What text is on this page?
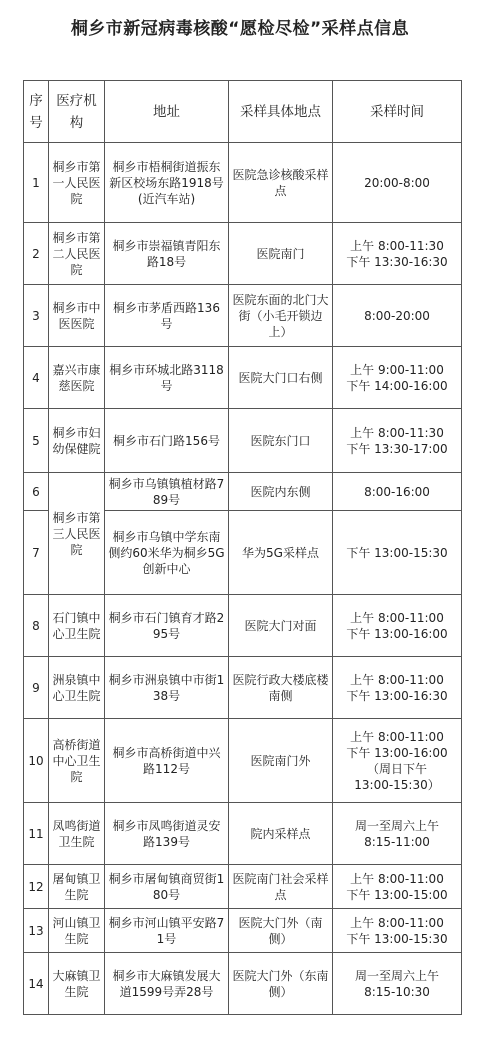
桐乡市新冠病毒核酸“愿检尽检”采样点信息
序号	医疗机构	地址	采样具体地点	采样时间
1	桐乡市第一人民医院	桐乡市梧桐街道振东新区校场东路1918号(近汽车站)	医院急诊核酸采样点	20:00-8:00

2	桐乡市第二人民医院	桐乡市崇福镇青阳东路18号	医院南门	上午 8:00-11:30
下午 13:30-16:30

3	桐乡市中医医院	桐乡市茅盾西路136号	医院东面的北门大街（小毛开锁边上）	8:00-20:00

4	嘉兴市康慈医院	桐乡市环城北路3118号	医院大门口右侧	上午 9:00-11:00
下午 14:00-16:00

5	桐乡市妇幼保健院	桐乡市石门路156号	医院东门口	上午 8:00-11:30
下午 13:30-17:00

6	桐乡市第三人民医院	桐乡市乌镇镇植材路789号	医院内东侧	8:00-16:00

7		桐乡市乌镇中学东南侧约60米华为桐乡5G创新中心	华为5G采样点	下午 13:00-15:30

8	石门镇中心卫生院	桐乡市石门镇育才路295号	医院大门对面	上午 8:00-11:00
下午 13:00-16:00

9	洲泉镇中心卫生院	桐乡市洲泉镇中市街138号	医院行政大楼底楼南侧	上午 8:00-11:00
下午 13:00-16:30

10	高桥街道中心卫生院	桐乡市高桥街道中兴路112号	医院南门外	上午 8:00-11:00
下午 13:00-16:00
（周日下午
13:00-15:30）

11	凤鸣街道卫生院	桐乡市凤鸣街道灵安路139号	院内采样点	周一至周六上午
8:15-11:00

12	屠甸镇卫生院	桐乡市屠甸镇商贸街180号	医院南门社会采样点	上午 8:00-11:00
下午 13:00-15:00

13	河山镇卫生院	桐乡市河山镇平安路71号	医院大门外（南侧）	上午 8:00-11:00
下午 13:00-15:30

14	大麻镇卫生院	桐乡市大麻镇发展大道1599号弄28号	医院大门外（东南侧）	周一至周六上午
8:15-10:30
